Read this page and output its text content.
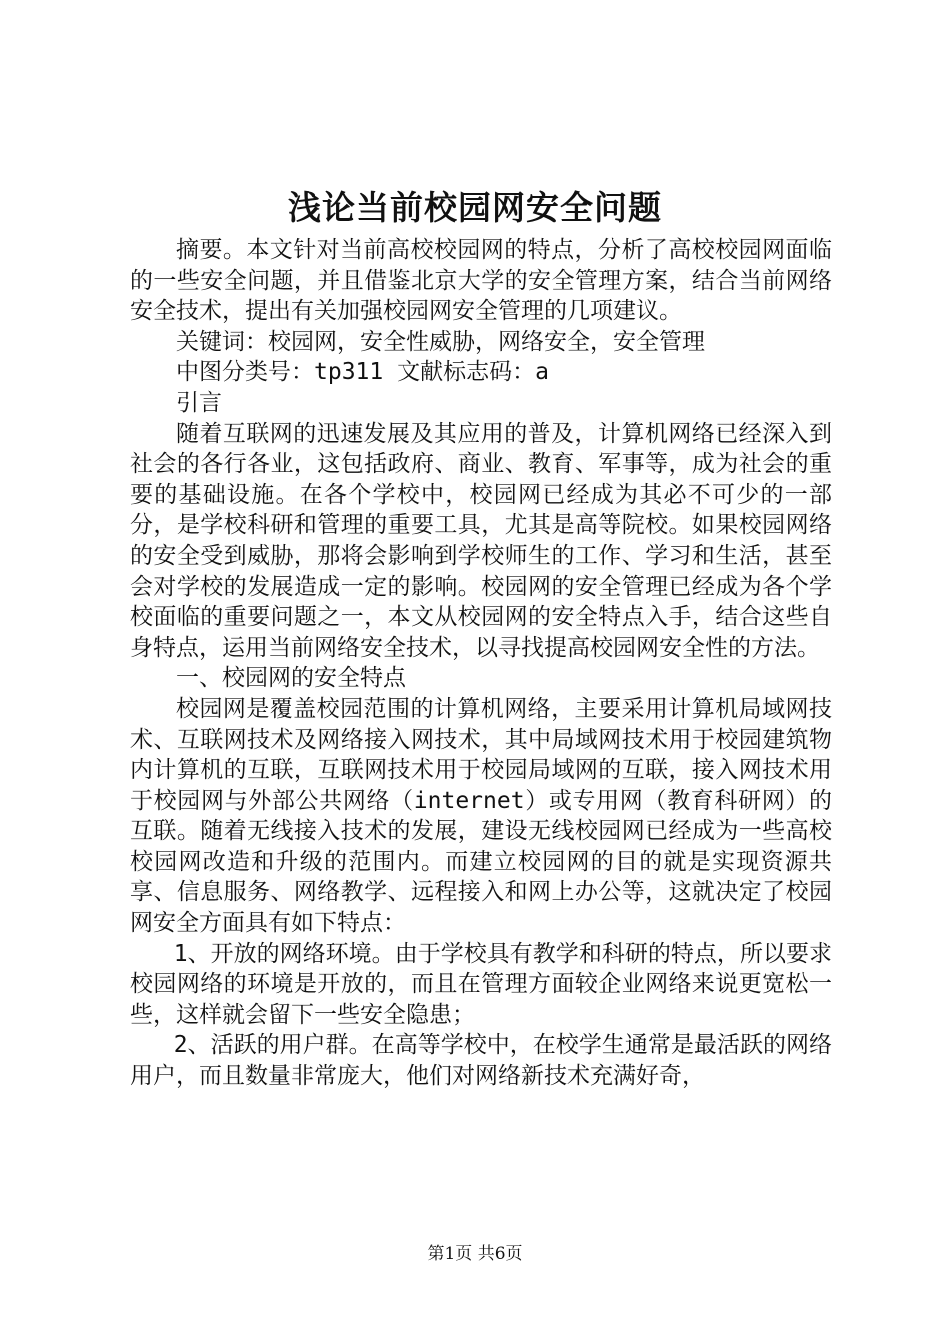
浅论当前校园网安全问题

摘要。本文针对当前高校校园网的特点，分析了高校校园网面临的一些安全问题，并且借鉴北京大学的安全管理方案，结合当前网络安全技术，提出有关加强校园网安全管理的几项建议。

关键词：校园网，安全性威胁，网络安全，安全管理

中图分类号：tp311 文献标志码：a

引言

随着互联网的迅速发展及其应用的普及，计算机网络已经深入到社会的各行各业，这包括政府、商业、教育、军事等，成为社会的重要的基础设施。在各个学校中，校园网已经成为其必不可少的一部分，是学校科研和管理的重要工具，尤其是高等院校。如果校园网络的安全受到威胁，那将会影响到学校师生的工作、学习和生活，甚至会对学校的发展造成一定的影响。校园网的安全管理已经成为各个学校面临的重要问题之一，本文从校园网的安全特点入手，结合这些自身特点，运用当前网络安全技术，以寻找提高校园网安全性的方法。

一、校园网的安全特点

校园网是覆盖校园范围的计算机网络，主要采用计算机局域网技术、互联网技术及网络接入网技术，其中局域网技术用于校园建筑物内计算机的互联，互联网技术用于校园局域网的互联，接入网技术用于校园网与外部公共网络（internet）或专用网（教育科研网）的互联。随着无线接入技术的发展，建设无线校园网已经成为一些高校校园网改造和升级的范围内。而建立校园网的目的就是实现资源共享、信息服务、网络教学、远程接入和网上办公等，这就决定了校园网安全方面具有如下特点：

1、开放的网络环境。由于学校具有教学和科研的特点，所以要求校园网络的环境是开放的，而且在管理方面较企业网络来说更宽松一些，这样就会留下一些安全隐患；

2、活跃的用户群。在高等学校中，在校学生通常是最活跃的网络用户，而且数量非常庞大，他们对网络新技术充满好奇，

第1页 共6页
